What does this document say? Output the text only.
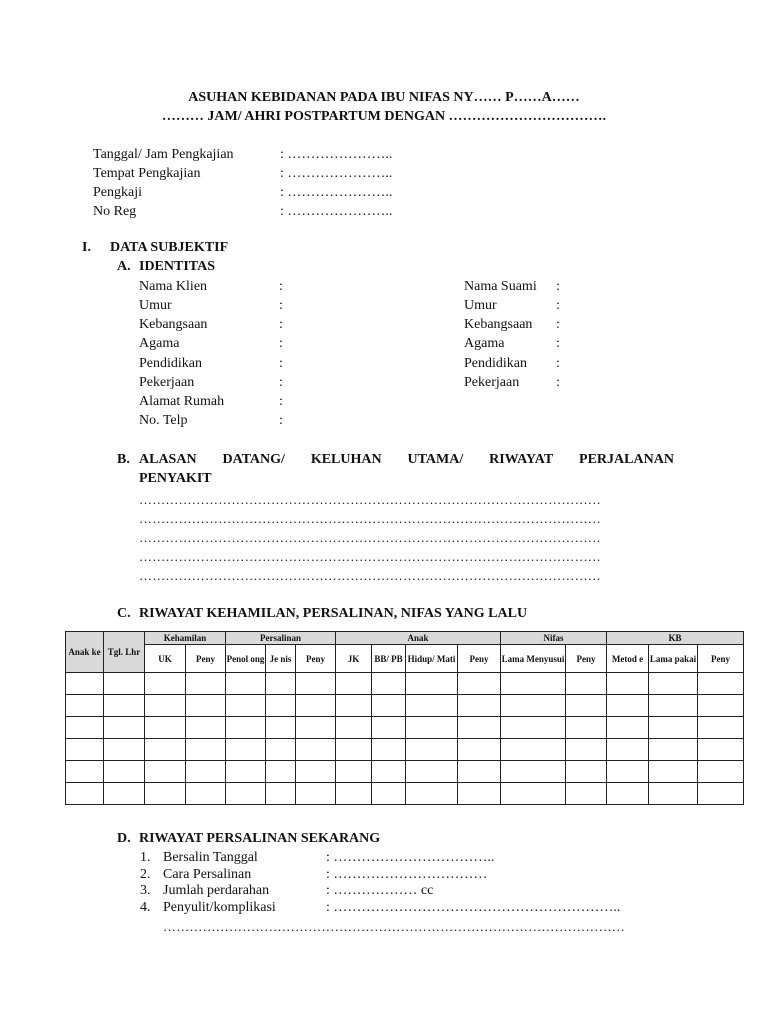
ASUHAN KEBIDANAN PADA IBU NIFAS NY…… P……A……
……… JAM/ AHRI POSTPARTUM DENGAN …………………………….
Tanggal/ Jam Pengkajian	: …………………..
Tempat Pengkajian	: …………………..
Pengkaji	: …………………..
No Reg	: …………………..
I. DATA SUBJEKTIF
A. IDENTITAS
Nama Klien	:
Umur	:
Kebangsaan	:
Agama	:
Pendidikan	:
Pekerjaan	:
Alamat Rumah	:
No. Telp	:
Nama Suami :
Umur	:
Kebangsaan :
Agama	:
Pendidikan :
Pekerjaan	:
B. ALASAN DATANG/ KELUHAN UTAMA/ RIWAYAT PERJALANAN
PENYAKIT
……………………………………………………………………………………………
……………………………………………………………………………………………
……………………………………………………………………………………………
……………………………………………………………………………………………
……………………………………………………………………………………………
C. RIWAYAT KEHAMILAN, PERSALINAN, NIFAS YANG LALU
Anak ke	Tgl. Lhr	Kehamilan		Persalinan			Anak				Nifas		KB		
		UK	Peny	Penol ong	Je nis	Peny	JK	BB/ PB	Hidup/ Mati	Peny	Lama Menyusui	Peny	Metod e	Lama pakai	Peny

D. RIWAYAT PERSALINAN SEKARANG
1. Bersalin Tanggal	: ……………………………..
2. Cara Persalinan	: ……………………………
3. Jumlah perdarahan	: ……………… cc
4. Penyulit/komplikasi	: ……………………………………………………..
……………………………………………………………………………………………
